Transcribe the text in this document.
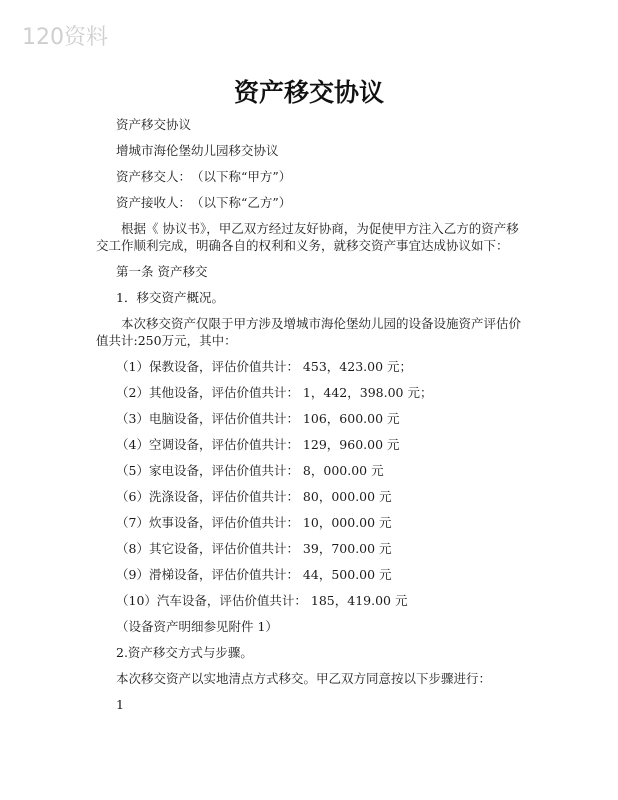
120资料
资产移交协议
资产移交协议
增城市海伦堡幼儿园移交协议
资产移交人：　（以下称“甲方”）
资产接收人：　（以下称“乙方”）
根据《 协议书》，甲乙双方经过友好协商，为促使甲方注入乙方的资产移交工作顺利完成，明确各自的权利和义务，就移交资产事宜达成协议如下：
第一条 资产移交
1．移交资产概况。
本次移交资产仅限于甲方涉及增城市海伦堡幼儿园的设备设施资产评估价值共计:250万元，其中：
（1）保教设备，评估价值共计： 453，423.00 元；
（2）其他设备，评估价值共计： 1，442，398.00 元；
（3）电脑设备，评估价值共计： 106，600.00 元
（4）空调设备，评估价值共计： 129，960.00 元
（5）家电设备，评估价值共计： 8，000.00 元
（6）洗涤设备，评估价值共计： 80，000.00 元
（7）炊事设备，评估价值共计： 10，000.00 元
（8）其它设备，评估价值共计： 39，700.00 元
（9）滑梯设备，评估价值共计： 44，500.00 元
（10）汽车设备，评估价值共计： 185，419.00 元
（设备资产明细参见附件 1）
2.资产移交方式与步骤。
本次移交资产以实地清点方式移交。甲乙双方同意按以下步骤进行：
1
